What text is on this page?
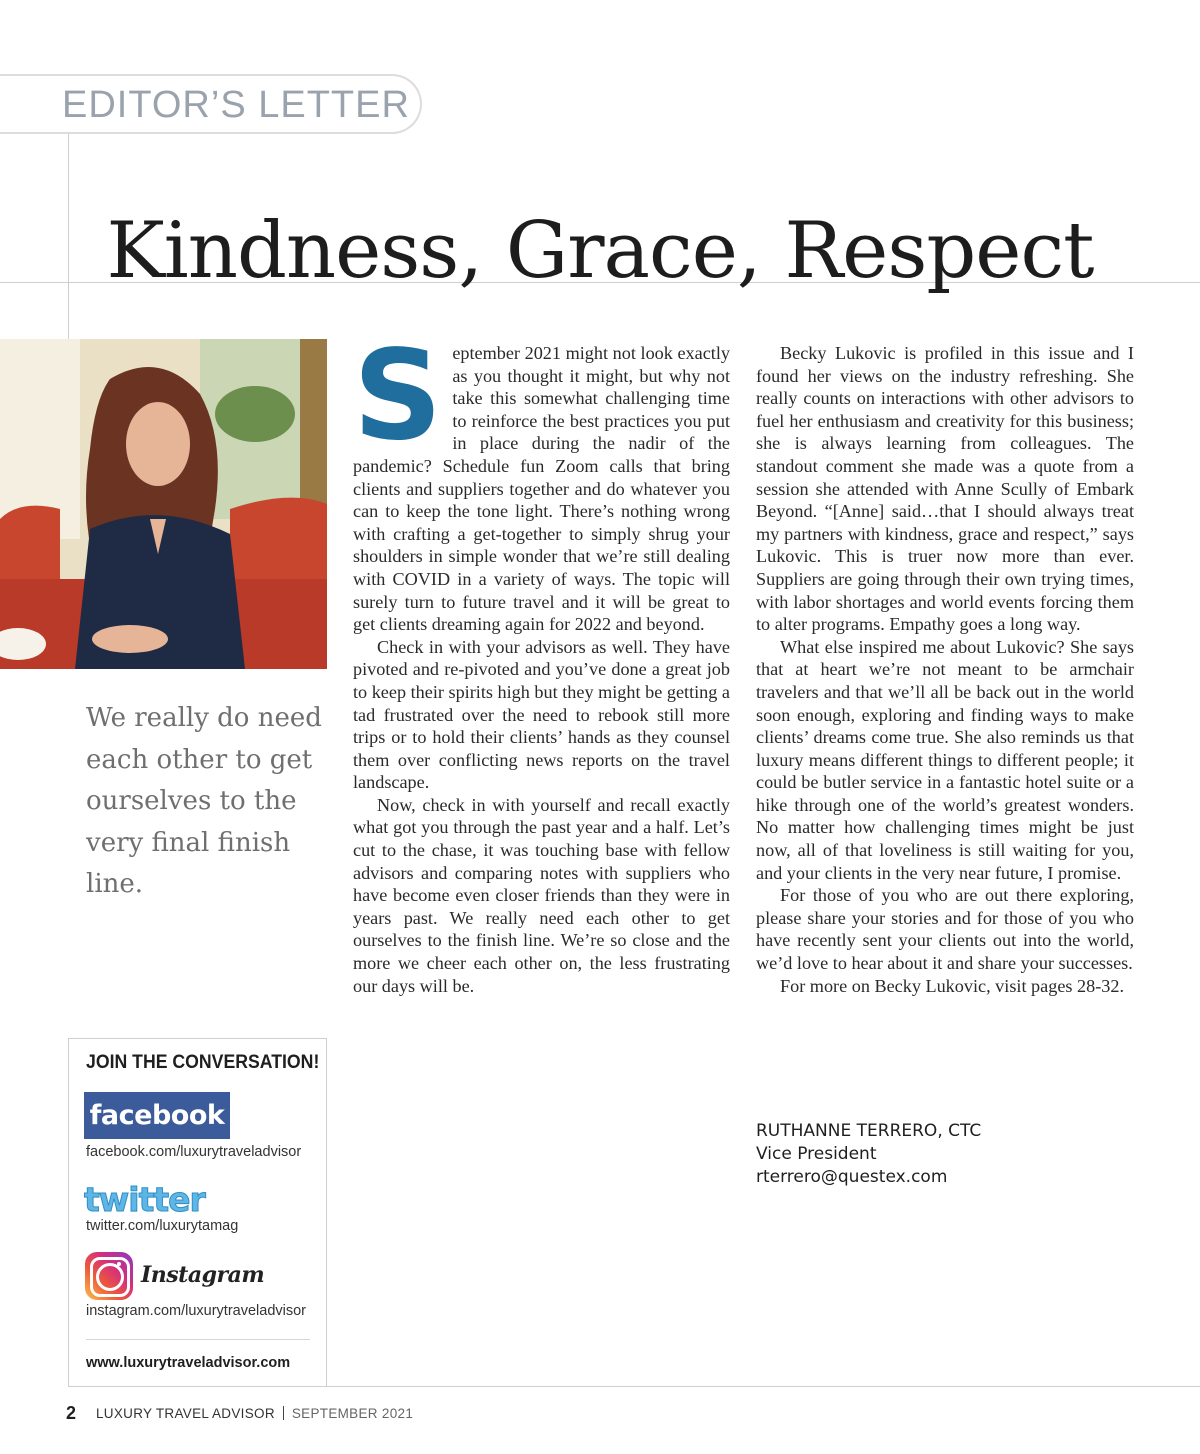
EDITOR’S LETTER
Kindness, Grace, Respect
We really do need each other to get ourselves to the very final finish line.
S eptember 2021 might not look exactly as you thought it might, but why not take this somewhat challenging time to reinforce the best practices you put in place during the nadir of the pandemic? Schedule fun Zoom calls that bring clients and suppliers together and do whatever you can to keep the tone light. There’s nothing wrong with crafting a get-together to simply shrug your shoulders in simple wonder that we’re still dealing with COVID in a variety of ways. The topic will surely turn to future travel and it will be great to get clients dreaming again for 2022 and beyond.

Check in with your advisors as well. They have pivoted and re-pivoted and you’ve done a great job to keep their spirits high but they might be getting a tad frustrated over the need to rebook still more trips or to hold their clients’ hands as they counsel them over conflicting news reports on the travel landscape.

Now, check in with yourself and recall exactly what got you through the past year and a half. Let’s cut to the chase, it was touching base with fellow advisors and comparing notes with suppliers who have become even closer friends than they were in years past. We really need each other to get ourselves to the finish line. We’re so close and the more we cheer each other on, the less frustrating our days will be.

Becky Lukovic is profiled in this issue and I found her views on the industry refreshing. She really counts on interactions with other advisors to fuel her enthusiasm and creativity for this business; she is always learning from colleagues. The standout comment she made was a quote from a session she attended with Anne Scully of Embark Beyond. “[Anne] said…that I should always treat my partners with kindness, grace and respect,” says Lukovic. This is truer now more than ever. Suppliers are going through their own trying times, with labor shortages and world events forcing them to alter programs. Empathy goes a long way.

What else inspired me about Lukovic? She says that at heart we’re not meant to be armchair travelers and that we’ll all be back out in the world soon enough, exploring and finding ways to make clients’ dreams come true. She also reminds us that luxury means different things to different people; it could be butler service in a fantastic hotel suite or a hike through one of the world’s greatest wonders. No matter how challenging times might be just now, all of that loveliness is still waiting for you, and your clients in the very near future, I promise.

For those of you who are out there exploring, please share your stories and for those of you who have recently sent your clients out into the world, we’d love to hear about it and share your successes.

For more on Becky Lukovic, visit pages 28-32.

RUTHANNE TERRERO, CTC
Vice President
rterrero@questex.com
JOIN THE CONVERSATION!
facebook
facebook.com/luxurytraveladvisor
twitter
twitter.com/luxurytamag
Instagram
instagram.com/luxurytraveladvisor
www.luxurytraveladvisor.com
2 LUXURY TRAVEL ADVISOR SEPTEMBER 2021
